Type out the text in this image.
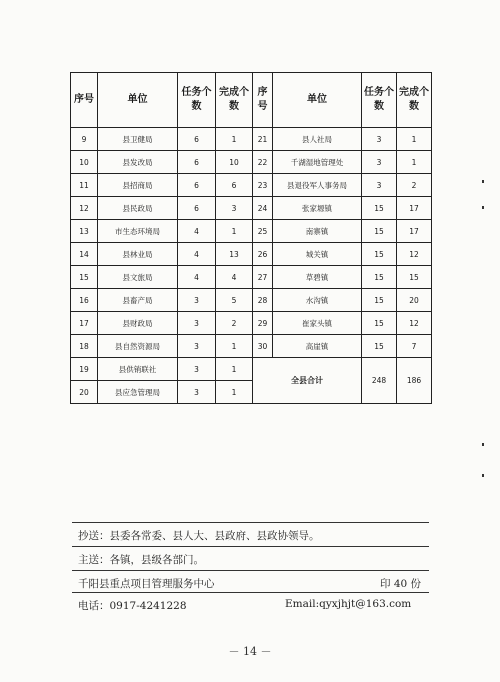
序号	单位	任务个数	完成个数	序号	单位	任务个数	完成个数
9	县卫健局	6	1	21	县人社局	3	1
10	县发改局	6	10	22	千湖湿地管理处	3	1
11	县招商局	6	6	23	县退役军人事务局	3	2
12	县民政局	6	3	24	张家塬镇	15	17
13	市生态环境局	4	1	25	南寨镇	15	17
14	县林业局	4	13	26	城关镇	15	12
15	县文旅局	4	4	27	草碧镇	15	15
16	县畜产局	3	5	28	水沟镇	15	20
17	县财政局	3	2	29	崔家头镇	15	12
18	县自然资源局	3	1	30	高崖镇	15	7
19	县供销联社	3	1	全县合计		248	186
20	县应急管理局	3	1				
抄送：县委各常委、县人大、县政府、县政协领导。
主送：各镇，县级各部门。
千阳县重点项目管理服务中心	印 40 份
电话：0917-4241228	Email:qyxjhjt@163.com
－ 14 －
